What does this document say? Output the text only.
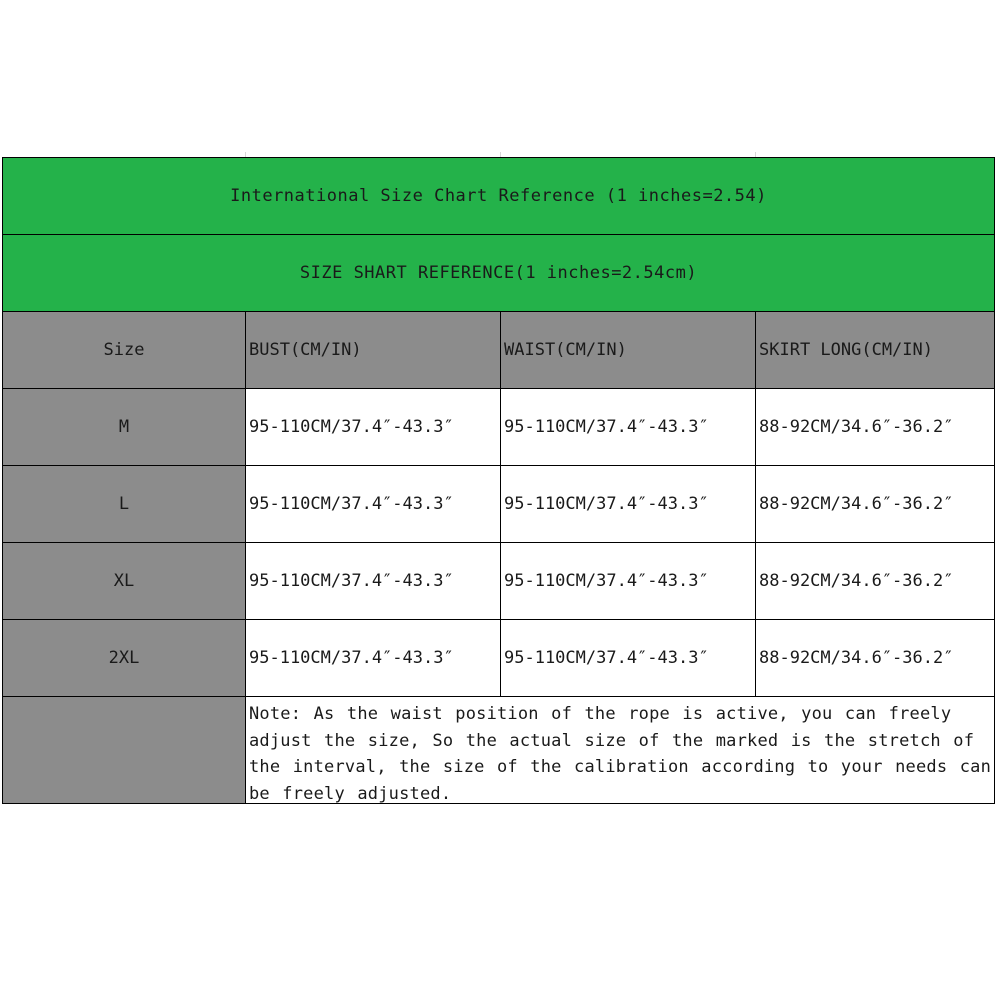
International Size Chart Reference (1 inches=2.54)
SIZE SHART REFERENCE(1 inches=2.54cm)
Size	BUST(CM/IN)	WAIST(CM/IN)	SKIRT LONG(CM/IN)
M	95-110CM/37.4″-43.3″	95-110CM/37.4″-43.3″	88-92CM/34.6″-36.2″
L	95-110CM/37.4″-43.3″	95-110CM/37.4″-43.3″	88-92CM/34.6″-36.2″
XL	95-110CM/37.4″-43.3″	95-110CM/37.4″-43.3″	88-92CM/34.6″-36.2″
2XL	95-110CM/37.4″-43.3″	95-110CM/37.4″-43.3″	88-92CM/34.6″-36.2″
Note: As the waist position of the rope is active, you can freely adjust the size, So the actual size of the marked is the stretch of the interval, the size of the calibration according to your needs can be freely adjusted.
